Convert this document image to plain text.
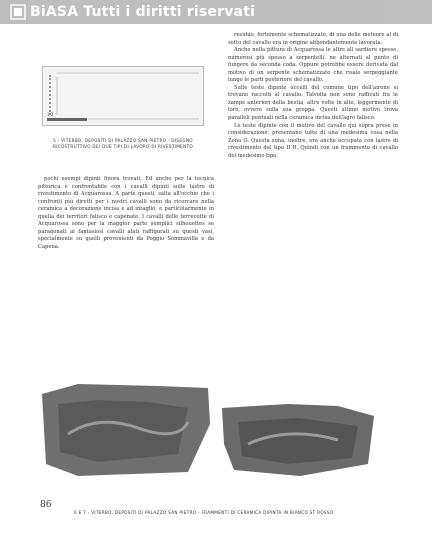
BiASA Tutti i diritti riservati
1 2
5 - VITERBO, DEPOSITI DI PALAZZO SAN PIETRO - DISEGNO RICOSTRUTTIVO DEI DUE TIPI DI LAVORO DI RIVESTIMENTO

residuo, fortemente schematizzato, di una delle meteore al di sotto del cavallo era in origine abbondantemente lavorata.

Anche nella pittura di Acquarossa le altre all sardiere spesse, numerosi più spesso a serpentelli, ne alternati al punto di fungere da seconda coda. Oppure potrebbe essere derivata dal motivo di un serpente schematizzato che risale serpeggiante lungo le parti posteriore del cavallo.

Sulle teste dipinte uccelli del comune tipo dell'airone si trovano raccolti al cavallo. Talvolta non sono rafficati fra le zampe anteriori della bestia, altre volte in alto, leggermente di loro, ovvero sulla sua groppa. Questi ultimo motivo trova paralleli puntuali nella ceramica incisa dell'agro falisco.

Le teste dipinte con il motivo del cavallo qui sopra prese in considerazione, presentano tutte di una medesima cosa nella Zona G. Questa zona, inoltre, era anche occupata con lastre di rivestimento del tipo II B. Quindi con un frammento di cavallo del medesimo tipo.

pochi esempi dipinti finora trovati. Ed anche per la tecnica pittorica è confrontabile con i cavalli dipinti sulle lastre di rivestimento di Acquarossa. A parte questi, salta all'occhio che i confronti più diretti per i nostri cavalli sono da ricercare nella ceramica a decorazione incisa e ad intaglio, e particolarmente in quella dei territori falisco e capenate. I cavalli delle terrecotte di Acquarossa sono per la maggior parte semplici silhouettes se paragonati ai fantasiosi cavalli alati raffigurati su questi vasi, specialmente su quelli provenienti da Poggio Sommavilla e da Capena.

86
6 E 7 - VITERBO, DEPOSITI DI PALAZZO SAN PIETRO - FRAMMENTI DI CERAMICA DIPINTA IN BIANCO ST ROSSO
